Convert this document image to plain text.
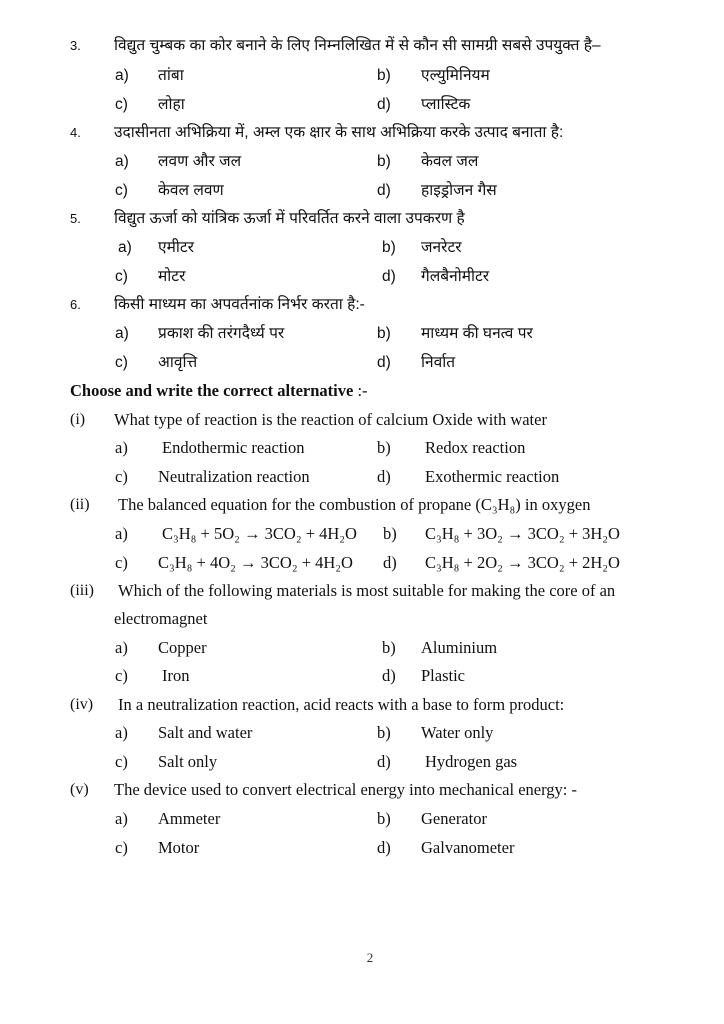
3. विद्युत चुम्बक का कोर बनाने के लिए निम्नलिखित में से कौन सी सामग्री सबसे उपयुक्त है–
a) तांबा	b) एल्युमिनियम
c) लोहा	d) प्लास्टिक
4. उदासीनता अभिक्रिया में, अम्ल एक क्षार के साथ अभिक्रिया करके उत्पाद बनाता है:
a) लवण और जल	b) केवल जल
c) केवल लवण	d) हाइड्रोजन गैस
5. विद्युत ऊर्जा को यांत्रिक ऊर्जा में परिवर्तित करने वाला उपकरण है
a) एमीटर	b) जनरेटर
c) मोटर	d) गैलबैनोमीटर
6. किसी माध्यम का अपवर्तनांक निर्भर करता है:-
a) प्रकाश की तरंगदैर्ध्य पर	b) माध्यम की घनत्व पर
c) आवृत्ति	d) निर्वात
Choose and write the correct alternative :-
(i) What type of reaction is the reaction of calcium Oxide with water
a) Endothermic reaction	b) Redox reaction
c) Neutralization reaction	d) Exothermic reaction
(ii) The balanced equation for the combustion of propane (C₃H₈) in oxygen
a) C₃H₈ + 5O₂ → 3CO₂ + 4H₂O b) C₃H₈ + 3O₂ → 3CO₂ + 3H₂O
c) C₃H₈ + 4O₂ → 3CO₂ + 4H₂O d) C₃H₈ + 2O₂ → 3CO₂ + 2H₂O
(iii) Which of the following materials is most suitable for making the core of an
electromagnet
a) Copper	b) Aluminium
c) Iron	d) Plastic
(iv) In a neutralization reaction, acid reacts with a base to form product:
a) Salt and water	b) Water only
c) Salt only	d) Hydrogen gas
(v) The device used to convert electrical energy into mechanical energy: -
a) Ammeter	b) Generator
c) Motor	d) Galvanometer
2
